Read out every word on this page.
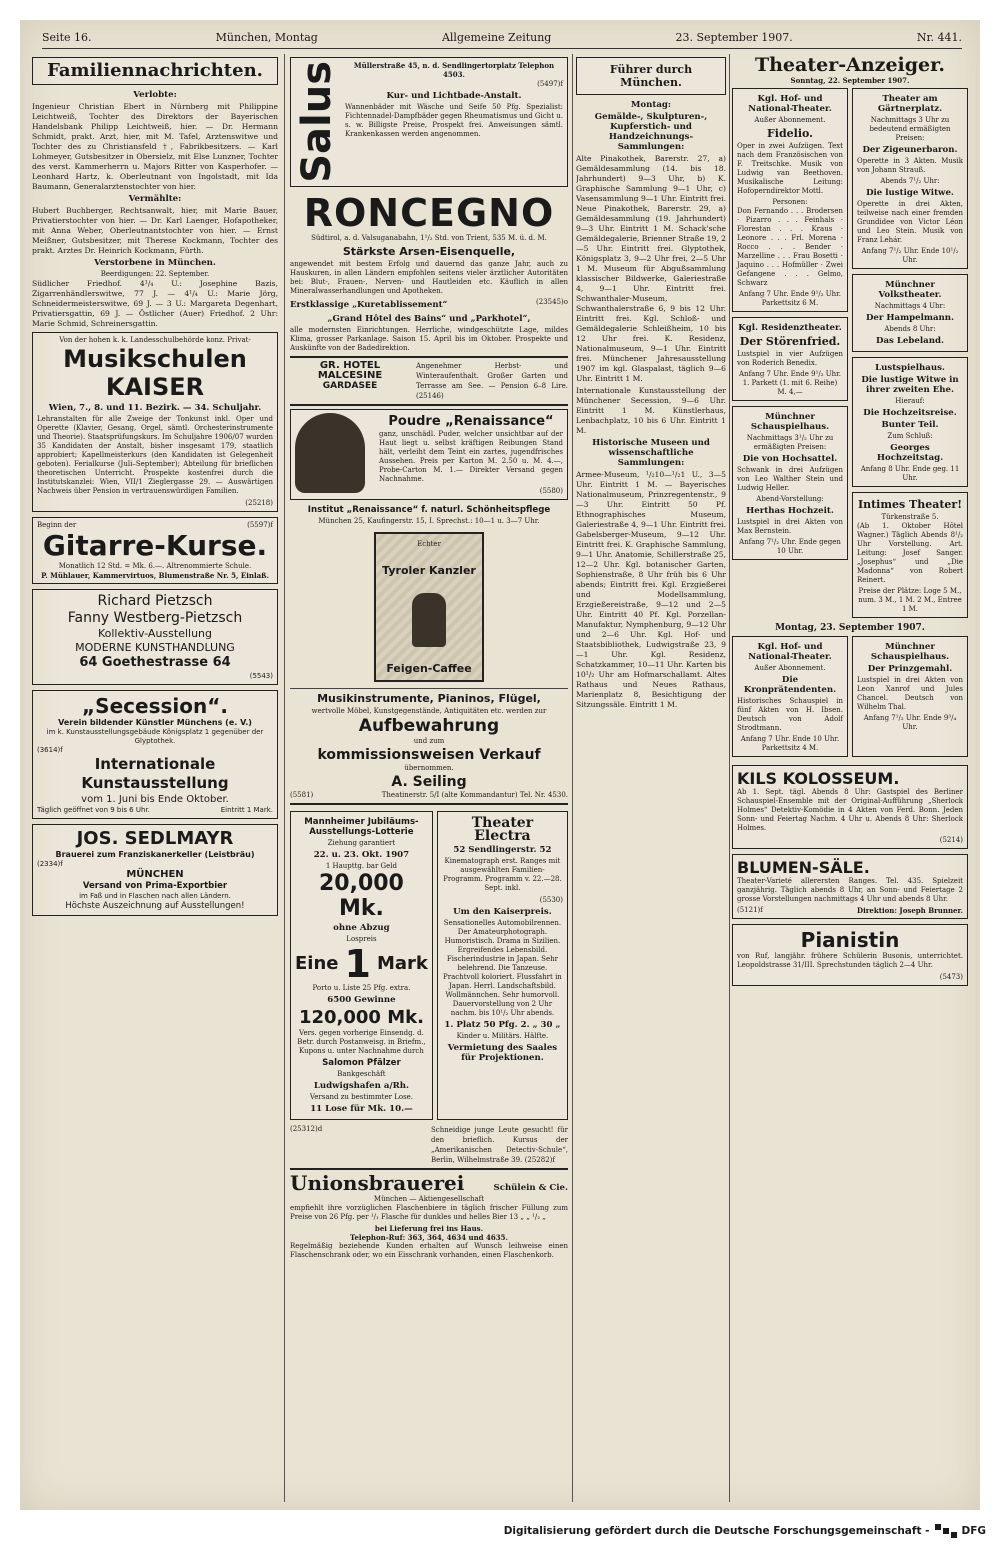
Seite 16.	München, Montag	Allgemeine Zeitung	23. September 1907.	Nr. 441.
Familiennachrichten.
Verlobte:

Ingenieur Christian Ebert in Nürnberg mit Philippine Leichtweiß, Tochter des Direktors der Bayerischen Handelsbank Philipp Leichtweiß, hier. — Dr. Hermann Schmidt, prakt. Arzt, hier, mit M. Tafel, Arztenswitwe und Tochter des zu Christiansfeld †, Fabrikbesitzers. — Karl Lohmeyer, Gutsbesitzer in Obersielz, mit Else Lunzner, Tochter des verst. Kammerherrn u. Majors Ritter von Kasperhofer. — Leonhard Hartz, k. Oberleutnant von Ingolstadt, mit Ida Baumann, Generalarztenstochter von hier.

Vermählte:

Hubert Buchberger, Rechtsanwalt, hier, mit Marie Bauer, Privatierstochter von hier. — Dr. Karl Laenger, Hofapotheker, mit Anna Weber, Oberleutnantstochter von hier. — Ernst Meißner, Gutsbesitzer, mit Therese Kockmann, Tochter des prakt. Arztes Dr. Heinrich Kockmann, Fürth.

Verstorbene in München.
Beerdigungen: 22. September.

Südlicher Friedhof. 4¹/₄ U.: Josephine Bazis, Zigarrenhändlerswitwe, 77 J. — 4¹/₄ U.: Marie Jörg, Schneidermeisterswitwe, 69 J. — 3 U.: Margareta Degenhart, Privatiersgattin, 69 J. — Östlicher (Auer) Friedhof. 2 Uhr: Marie Schmid, Schreinersgattin.

Von der hohen k. k. Landesschulbehörde konz. Privat-
Musikschulen KAISER
Wien, 7., 8. und 11. Bezirk. — 34. Schuljahr.

Lehranstalten für alle Zweige der Tonkunst inkl. Oper und Operette (Klavier, Gesang, Orgel, sämtl. Orchesterinstrumente und Theorie). Staatsprüfungskurs. Im Schuljahre 1906/07 wurden 35 Kandidaten der Anstalt, bisher insgesamt 179, staatlich approbiert; Kapellmeisterkurs (den Kandidaten ist Gelegenheit geboten). Ferialkurse (Juli–September); Abteilung für brieflichen theoretischen Unterricht. Prospekte kostenfrei durch die Institutskanzlei: Wien, VII/1 Zieglergasse 29. — Auswärtigen Nachweis über Pension in vertrauenswürdigen Familien.

(25218)
Beginn der	(5597)f
Gitarre-Kurse.
Monatlich 12 Std. = Mk. 6.—. Altrenommierte Schule.
P. Mühlauer, Kammervirtuos, Blumenstraße Nr. 5, Einlaß.
Richard Pietzsch
Fanny Westberg-Pietzsch
Kollektiv-Ausstellung
MODERNE KUNSTHANDLUNG
64 Goethestrasse 64
(5543)
„Secession“.
Verein bildender Künstler Münchens (e. V.)
im k. Kunstausstellungsgebäude Königsplatz 1 gegenüber der Glyptothek.
(3614)f
Internationale Kunstausstellung
vom 1. Juni bis Ende Oktober.
Täglich geöffnet von 9 bis 6 Uhr.	Eintritt 1 Mark.
JOS. SEDLMAYR
Brauerei zum Franziskanerkeller (Leistbräu)
(2334)f
MÜNCHEN
Versand von Prima-Exportbier
im Faß und in Flaschen nach allen Ländern.
Höchste Auszeichnung auf Ausstellungen!
Salus	Müllerstraße 45, n. d. Sendlingertorplatz Telephon 4503.
(5497)f
Kur- und Lichtbade-Anstalt.

Wannenbäder mit Wäsche und Seife 50 Pfg. Spezialist: Fichtennadel-Dampfbäder gegen Rheumatismus und Gicht u. s. w. Billigste Preise, Prospekt frei. Anweisungen sämtl. Krankenkassen werden angenommen.

RONCEGNO
Südtirol, a. d. Valsuganabahn, 1¹/₂ Std. von Trient, 535 M. ü. d. M.
Stärkste Arsen-Eisenquelle,

angewendet mit bestem Erfolg und dauernd das ganze Jahr, auch zu Hauskuren, in allen Ländern empfohlen seitens vieler ärztlicher Autoritäten bei: Blut-, Frauen-, Nerven- und Hautleiden etc. Käuflich in allen Mineralwasserhandlungen und Apotheken.

Erstklassige „Kuretablissement“	(23545)o
„Grand Hôtel des Bains“ und „Parkhotel“,

alle modernsten Einrichtungen. Herrliche, windgeschützte Lage, mildes Klima, grosser Parkanlage. Saison 15. April bis im Oktober. Prospekte und Auskünfte von der Badedirektion.

GR. HOTEL MALCESINE
GARDASEE
Angenehmer Herbst- und Winteraufenthalt. Großer Garten und Terrasse am See. — Pension 6–8 Lire. (25146)
Poudre „Renaissance“

ganz, unschädl. Puder, welcher unsichtbar auf der Haut liegt u. selbst kräftigen Reibungen Stand hält, verleiht dem Teint ein zartes, jugendfrisches Aussehen. Preis per Karton M. 2.50 u. M. 4.—, Probe-Carton M. 1.— Direkter Versand gegen Nachnahme.

(5580)
Institut „Renaissance“ f. naturl. Schönheitspflege
München 25, Kaufingerstr. 15, I. Sprechst.: 10—1 u. 3—7 Uhr.
Echter
Tyroler Kanzler
Feigen-Caffee
Musikinstrumente, Pianinos, Flügel,
wertvolle Möbel, Kunstgegenstände, Antiquitäten etc. werden zur
Aufbewahrung
und zum
kommissionsweisen Verkauf
übernommen.
A. Seiling
(5581)	Theatinerstr. 5/I (alte Kommandantur) Tel. Nr. 4530.
Mannheimer Jubiläums-Ausstellungs-Lotterie
Ziehung garantiert
22. u. 23. Okt. 1907
1 Haupttg. bar Geld
20,000 Mk.
ohne Abzug
Lospreis
Eine 1 Mark
Porto u. Liste 25 Pfg. extra.
6500 Gewinne
120,000 Mk.

Vers. gegen vorherige Einsendg. d. Betr. durch Postanweisg. in Briefm., Kupons u. unter Nachnahme durch

Salomon Pfälzer
Bankgeschäft
Ludwigshafen a/Rh.
Versand zu bestimmter Lose.
11 Lose für Mk. 10.—
Theater Electra
52 Sendlingerstr. 52

Kinematograph erst. Ranges mit ausgewählten Familien-Programm. Programm v. 22.—28. Sept. inkl.

(5530)
Um den Kaiserpreis.

Sensationelles Automobilrennen. Der Amateurphotograph. Humoristisch. Drama in Sizilien. Ergreifendes Lebensbild. Fischerindustrie in Japan. Sehr belehrend. Die Tanzeuse. Prachtvoll koloriert. Flussfahrt in Japan. Herrl. Landschaftsbild. Wollmännchen. Sehr humorvoll. Dauervorstellung von 2 Uhr nachm. bis 10¹/₂ Uhr abends.

1. Platz 50 Pfg. 2. „ 30 „
Kinder u. Militärs. Hälfte.
Vermietung des Saales für Projektionen.
(25312)d	Schneidige junge Leute gesucht! für den brieflich. Kursus der „Amerikanischen Detectiv-Schule“, Berlin, Wilhelmstraße 39. (25282)f
Unionsbrauerei	Schülein & Cie.
München — Aktiengesellschaft

empfiehlt ihre vorzüglichen Flaschenbiere in täglich frischer Füllung zum Preise von 26 Pfg. per ¹/₁ Flasche für dunkles und helles Bier 13 „ „ ¹/₂ „

bei Lieferung frei ins Haus.
Telephon-Ruf: 363, 364, 4634 und 4635.

Regelmäßig beziehende Kunden erhalten auf Wunsch leihweise einen Flaschenschrank oder, wo ein Eisschrank vorhanden, einen Flaschenkorb.

Führer durch München.
Montag:
Gemälde-, Skulpturen-, Kupferstich- und Handzeichnungs-Sammlungen:

Alte Pinakothek, Barerstr. 27, a) Gemäldesammlung (14. bis 18. Jahrhundert) 9—3 Uhr, b) K. Graphische Sammlung 9—1 Uhr, c) Vasensammlung 9—1 Uhr. Eintritt frei. Neue Pinakothek, Barerstr. 29, a) Gemäldesammlung (19. Jahrhundert) 9—3 Uhr. Eintritt 1 M. Schack'sche Gemäldegalerie, Brienner Straße 19, 2—5 Uhr. Eintritt frei. Glyptothek, Königsplatz 3, 9—2 Uhr frei, 2—5 Uhr 1 M. Museum für Abgußsammlung klassischer Bildwerke, Galeriestraße 4, 9—1 Uhr. Eintritt frei. Schwanthaler-Museum, Schwanthalerstraße 6, 9 bis 12 Uhr. Eintritt frei. Kgl. Schloß- und Gemäldegalerie Schleißheim, 10 bis 12 Uhr frei. K. Residenz, Nationalmuseum, 9—1 Uhr. Eintritt frei. Münchener Jahresausstellung 1907 im kgl. Glaspalast, täglich 9—6 Uhr. Eintritt 1 M.

Internationale Kunstausstellung der Münchener Secession, 9—6 Uhr. Eintritt 1 M. Künstlerhaus, Lenbachplatz, 10 bis 6 Uhr. Eintritt 1 M.

Historische Museen und wissenschaftliche Sammlungen:

Armee-Museum, ¹/₂10—¹/₂1 U., 3—5 Uhr. Eintritt 1 M. — Bayerisches Nationalmuseum, Prinzregentenstr., 9—3 Uhr. Eintritt 50 Pf. Ethnographisches Museum, Galeriestraße 4, 9—1 Uhr. Eintritt frei. Gabelsberger-Museum, 9—12 Uhr. Eintritt frei. K. Graphische Sammlung, 9—1 Uhr. Anatomie, Schillerstraße 25, 12—2 Uhr. Kgl. botanischer Garten, Sophienstraße, 8 Uhr früh bis 6 Uhr abends; Eintritt frei. Kgl. Erzgießerei und Modellsammlung, Erzgießereistraße, 9—12 und 2—5 Uhr. Eintritt 40 Pf. Kgl. Porzellan-Manufaktur, Nymphenburg, 9—12 Uhr und 2—6 Uhr. Kgl. Hof- und Staatsbibliothek, Ludwigstraße 23, 9—1 Uhr. Kgl. Residenz, Schatzkammer, 10—11 Uhr. Karten bis 10¹/₂ Uhr am Hofmarschallamt. Altes Rathaus und Neues Rathaus, Marienplatz 8, Besichtigung der Sitzungssäle. Eintritt 1 M.

Theater-Anzeiger.
Sonntag, 22. September 1907.
Kgl. Hof- und National-Theater.
Außer Abonnement.
Fidelio.

Oper in zwei Aufzügen. Text nach dem Französischen von F. Treitschke. Musik von Ludwig van Beethoven. Musikalische Leitung: Hofoperndirektor Mottl.

Personen:

Don Fernando . . . Brodersen · Pizarro . . . Feinhals · Florestan . . . Kraus · Leonore . . . Frl. Morena · Rocco . . . Bender · Marzelline . . . Frau Bosetti · Jaquino . . . Hofmüller · Zwei Gefangene . . . Gelmo, Schwarz

Anfang 7 Uhr. Ende 9¹/₂ Uhr.
Parkettsitz 6 M.
Kgl. Residenztheater.
Der Störenfried.

Lustspiel in vier Aufzügen von Roderich Benedix.

Anfang 7 Uhr. Ende 9¹/₂ Uhr.
1. Parkett (1. mit 6. Reihe) M. 4,—
Münchner Schauspielhaus.
Nachmittags 3¹/₂ Uhr zu ermäßigten Preisen:
Die von Hochsattel.

Schwank in drei Aufzügen von Leo Walther Stein und Ludwig Heller.

Abend-Vorstellung:
Herthas Hochzeit.

Lustspiel in drei Akten von Max Bernstein.

Anfang 7¹/₂ Uhr. Ende gegen 10 Uhr.
Theater am Gärtnerplatz.
Nachmittags 3 Uhr zu bedeutend ermäßigten Preisen:
Der Zigeunerbaron.

Operette in 3 Akten. Musik von Johann Strauß.

Abends 7¹/₂ Uhr:
Die lustige Witwe.

Operette in drei Akten, teilweise nach einer fremden Grundidee von Victor Léon und Leo Stein. Musik von Franz Lehár.

Anfang 7¹/₂ Uhr. Ende 10¹/₂ Uhr.
Münchner Volkstheater.
Nachmittags 4 Uhr:
Der Hampelmann.
Abends 8 Uhr:
Das Lebeland.
Lustspielhaus.
Die lustige Witwe in ihrer zweiten Ehe.
Hierauf:
Die Hochzeitsreise.
Bunter Teil.
Zum Schluß:
Georges Hochzeitstag.
Anfang 8 Uhr. Ende geg. 11 Uhr.
Intimes Theater!
Türkenstraße 5.

(Ab 1. Oktober Hôtel Wagner.) Täglich Abends 8¹/₂ Uhr Vorstellung. Art. Leitung: Josef Sanger. „Josephus“ und „Die Madonna“ von Robert Reinert.

Preise der Plätze: Loge 5 M., num. 3 M., 1 M. 2 M., Entree 1 M.
Montag, 23. September 1907.
Kgl. Hof- und National-Theater.
Außer Abonnement.
Die Kronprätendenten.

Historisches Schauspiel in fünf Akten von H. Ibsen. Deutsch von Adolf Strodtmann.

Anfang 7 Uhr. Ende 10 Uhr.
Parkettsitz 4 M.
Münchner Schauspielhaus.
Der Prinzgemahl.

Lustspiel in drei Akten von Leon Xanrof und Jules Chancel. Deutsch von Wilhelm Thal.

Anfang 7¹/₂ Uhr. Ende 9³/₄ Uhr.
KILS KOLOSSEUM.

Ab 1. Sept. tägl. Abends 8 Uhr: Gastspiel des Berliner Schauspiel-Ensemble mit der Original-Aufführung „Sherlock Holmes“ Detektiv-Komödie in 4 Akten von Ferd. Bonn. Jeden Sonn- und Feiertag Nachm. 4 Uhr u. Abends 8 Uhr: Sherlock Holmes.

(5214)
BLUMEN-SÄLE.

Theater-Varieté allerersten Ranges. Tel. 435. Spielzeit ganzjährig. Täglich abends 8 Uhr, an Sonn- und Feiertage 2 grosse Vorstellungen nachmittags 4 Uhr und abends 8 Uhr.

(5121)f	Direktion: Joseph Brunner.
Pianistin

von Ruf, langjähr. frühere Schülerin Busonis, unterrichtet. Leopoldstrasse 31/III. Sprechstunden täglich 2—4 Uhr.

(5473)
Digitalisierung gefördert durch die Deutsche Forschungsgemeinschaft -	DFG
